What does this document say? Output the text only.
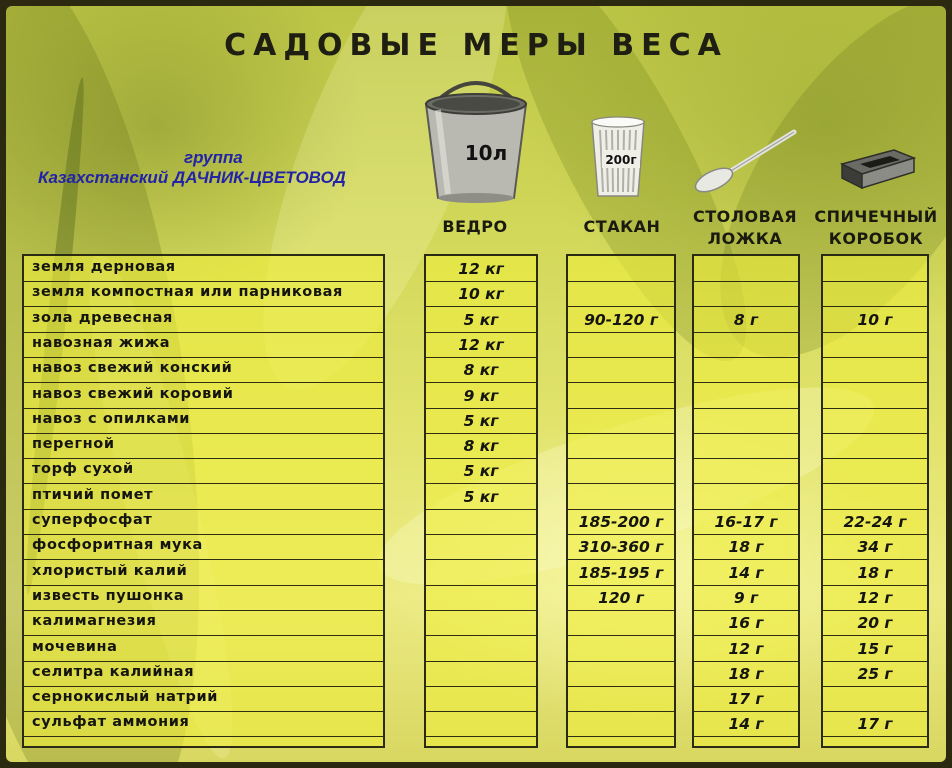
САДОВЫЕ МЕРЫ ВЕСА
группа
Казахстанский ДАЧНИК-ЦВЕТОВОД
10л	200г
ВЕДРО	СТАКАН
СТОЛОВАЯ
ЛОЖКА
СПИЧЕЧНЫЙ
КОРОБОК
земля дерновая
земля компостная или парниковая
зола древесная
навозная жижа
навоз свежий конский
навоз свежий коровий
навоз с опилками
перегной
торф сухой
птичий помет
суперфосфат
фосфоритная мука
хлористый калий
известь пушонка
калимагнезия
мочевина
селитра калийная
сернокислый натрий
сульфат аммония
12 кг
10 кг
5 кг
12 кг
8 кг
9 кг
5 кг
8 кг
5 кг
5 кг
90-120 г
185-200 г
310-360 г
185-195 г
120 г
8 г
16-17 г
18 г
14 г
9 г
16 г
12 г
18 г
17 г
14 г
10 г
22-24 г
34 г
18 г
12 г
20 г
15 г
25 г
17 г
